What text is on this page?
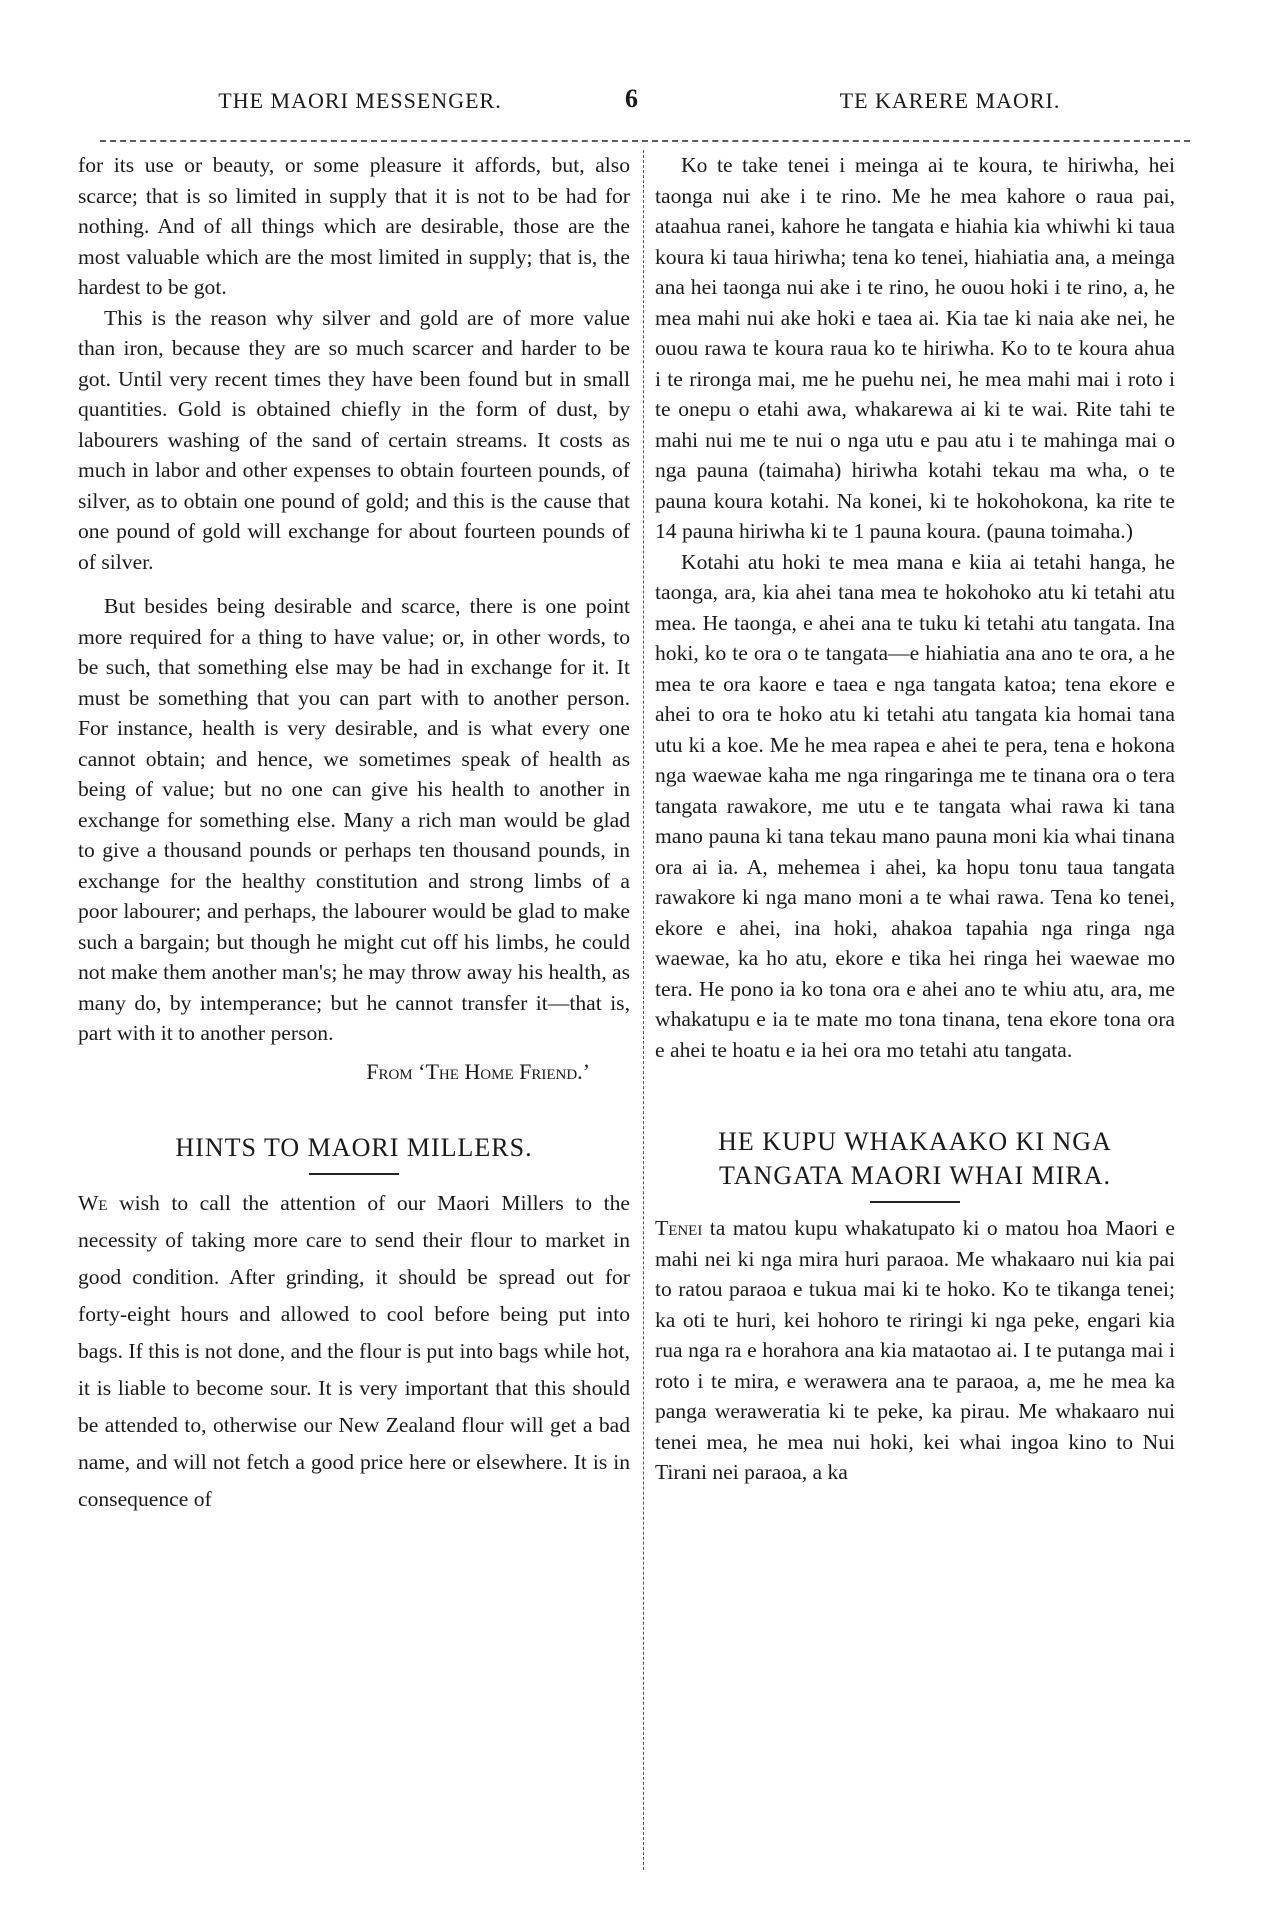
THE MAORI MESSENGER.	6	TE KARERE MAORI.

for its use or beauty, or some pleasure it affords, but, also scarce; that is so limited in supply that it is not to be had for nothing. And of all things which are desirable, those are the most valuable which are the most limited in supply; that is, the hardest to be got.

This is the reason why silver and gold are of more value than iron, because they are so much scarcer and harder to be got. Until very recent times they have been found but in small quantities. Gold is obtained chiefly in the form of dust, by labourers washing of the sand of certain streams. It costs as much in labor and other expenses to obtain fourteen pounds, of silver, as to obtain one pound of gold; and this is the cause that one pound of gold will exchange for about fourteen pounds of of silver.

But besides being desirable and scarce, there is one point more required for a thing to have value; or, in other words, to be such, that something else may be had in exchange for it. It must be something that you can part with to another person. For instance, health is very desirable, and is what every one cannot obtain; and hence, we sometimes speak of health as being of value; but no one can give his health to another in exchange for something else. Many a rich man would be glad to give a thousand pounds or perhaps ten thousand pounds, in exchange for the healthy constitution and strong limbs of a poor labourer; and perhaps, the labourer would be glad to make such a bargain; but though he might cut off his limbs, he could not make them another man's; he may throw away his health, as many do, by intemperance; but he cannot transfer it—that is, part with it to another person.

From ‘The Home Friend.’
HINTS TO MAORI MILLERS.

We wish to call the attention of our Maori Millers to the necessity of taking more care to send their flour to market in good condition. After grinding, it should be spread out for forty-eight hours and allowed to cool before being put into bags. If this is not done, and the flour is put into bags while hot, it is liable to become sour. It is very important that this should be attended to, otherwise our New Zealand flour will get a bad name, and will not fetch a good price here or elsewhere. It is in consequence of

Ko te take tenei i meinga ai te koura, te hiriwha, hei taonga nui ake i te rino. Me he mea kahore o raua pai, ataahua ranei, kahore he tangata e hiahia kia whiwhi ki taua koura ki taua hiriwha; tena ko tenei, hiahiatia ana, a meinga ana hei taonga nui ake i te rino, he ouou hoki i te rino, a, he mea mahi nui ake hoki e taea ai. Kia tae ki naia ake nei, he ouou rawa te koura raua ko te hiriwha. Ko to te koura ahua i te rironga mai, me he puehu nei, he mea mahi mai i roto i te onepu o etahi awa, whakarewa ai ki te wai. Rite tahi te mahi nui me te nui o nga utu e pau atu i te mahinga mai o nga pauna (taimaha) hiriwha kotahi tekau ma wha, o te pauna koura kotahi. Na konei, ki te hokohokona, ka rite te 14 pauna hiriwha ki te 1 pauna koura. (pauna toimaha.)

Kotahi atu hoki te mea mana e kiia ai tetahi hanga, he taonga, ara, kia ahei tana mea te hokohoko atu ki tetahi atu mea. He taonga, e ahei ana te tuku ki tetahi atu tangata. Ina hoki, ko te ora o te tangata—e hiahiatia ana ano te ora, a he mea te ora kaore e taea e nga tangata katoa; tena ekore e ahei to ora te hoko atu ki tetahi atu tangata kia homai tana utu ki a koe. Me he mea rapea e ahei te pera, tena e hokona nga waewae kaha me nga ringaringa me te tinana ora o tera tangata rawakore, me utu e te tangata whai rawa ki tana mano pauna ki tana tekau mano pauna moni kia whai tinana ora ai ia. A, mehemea i ahei, ka hopu tonu taua tangata rawakore ki nga mano moni a te whai rawa. Tena ko tenei, ekore e ahei, ina hoki, ahakoa tapahia nga ringa nga waewae, ka ho atu, ekore e tika hei ringa hei waewae mo tera. He pono ia ko tona ora e ahei ano te whiu atu, ara, me whakatupu e ia te mate mo tona tinana, tena ekore tona ora e ahei te hoatu e ia hei ora mo tetahi atu tangata.

HE KUPU WHAKAAKO KI NGA TANGATA MAORI WHAI MIRA.

Tenei ta matou kupu whakatupato ki o matou hoa Maori e mahi nei ki nga mira huri paraoa. Me whakaaro nui kia pai to ratou paraoa e tukua mai ki te hoko. Ko te tikanga tenei; ka oti te huri, kei hohoro te riringi ki nga peke, engari kia rua nga ra e horahora ana kia mataotao ai. I te putanga mai i roto i te mira, e werawera ana te paraoa, a, me he mea ka panga weraweratia ki te peke, ka pirau. Me whakaaro nui tenei mea, he mea nui hoki, kei whai ingoa kino to Nui Tirani nei paraoa, a ka
